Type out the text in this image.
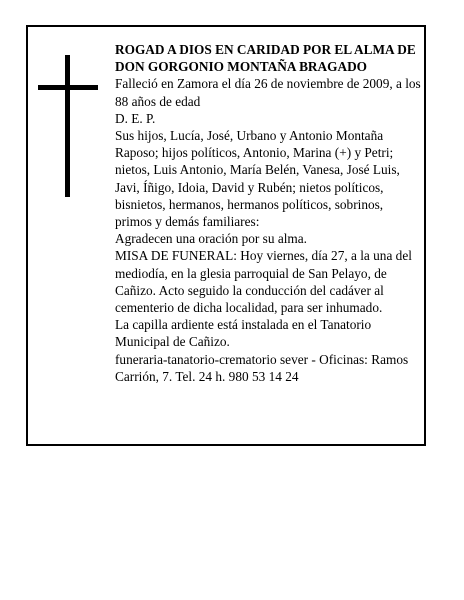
ROGAD A DIOS EN CARIDAD POR EL ALMA DE

DON GORGONIO MONTAÑA BRAGADO

Falleció en Zamora el día 26 de noviembre de 2009, a los 88 años de edad

D. E. P.

Sus hijos, Lucía, José, Urbano y Antonio Montaña Raposo; hijos políticos, Antonio, Marina (+) y Petri; nietos, Luis Antonio, María Belén, Vanesa, José Luis, Javi, Íñigo, Idoia, David y Rubén; nietos políticos, bisnietos, hermanos, hermanos políticos, sobrinos, primos y demás familiares:

Agradecen una oración por su alma.

MISA DE FUNERAL: Hoy viernes, día 27, a la una del mediodía, en la glesia parroquial de San Pelayo, de Cañizo. Acto seguido la conducción del cadáver al cementerio de dicha localidad, para ser inhumado.

La capilla ardiente está instalada en el Tanatorio Municipal de Cañizo.

funeraria-tanatorio-crematorio sever - Oficinas: Ramos Carrión, 7. Tel. 24 h. 980 53 14 24
